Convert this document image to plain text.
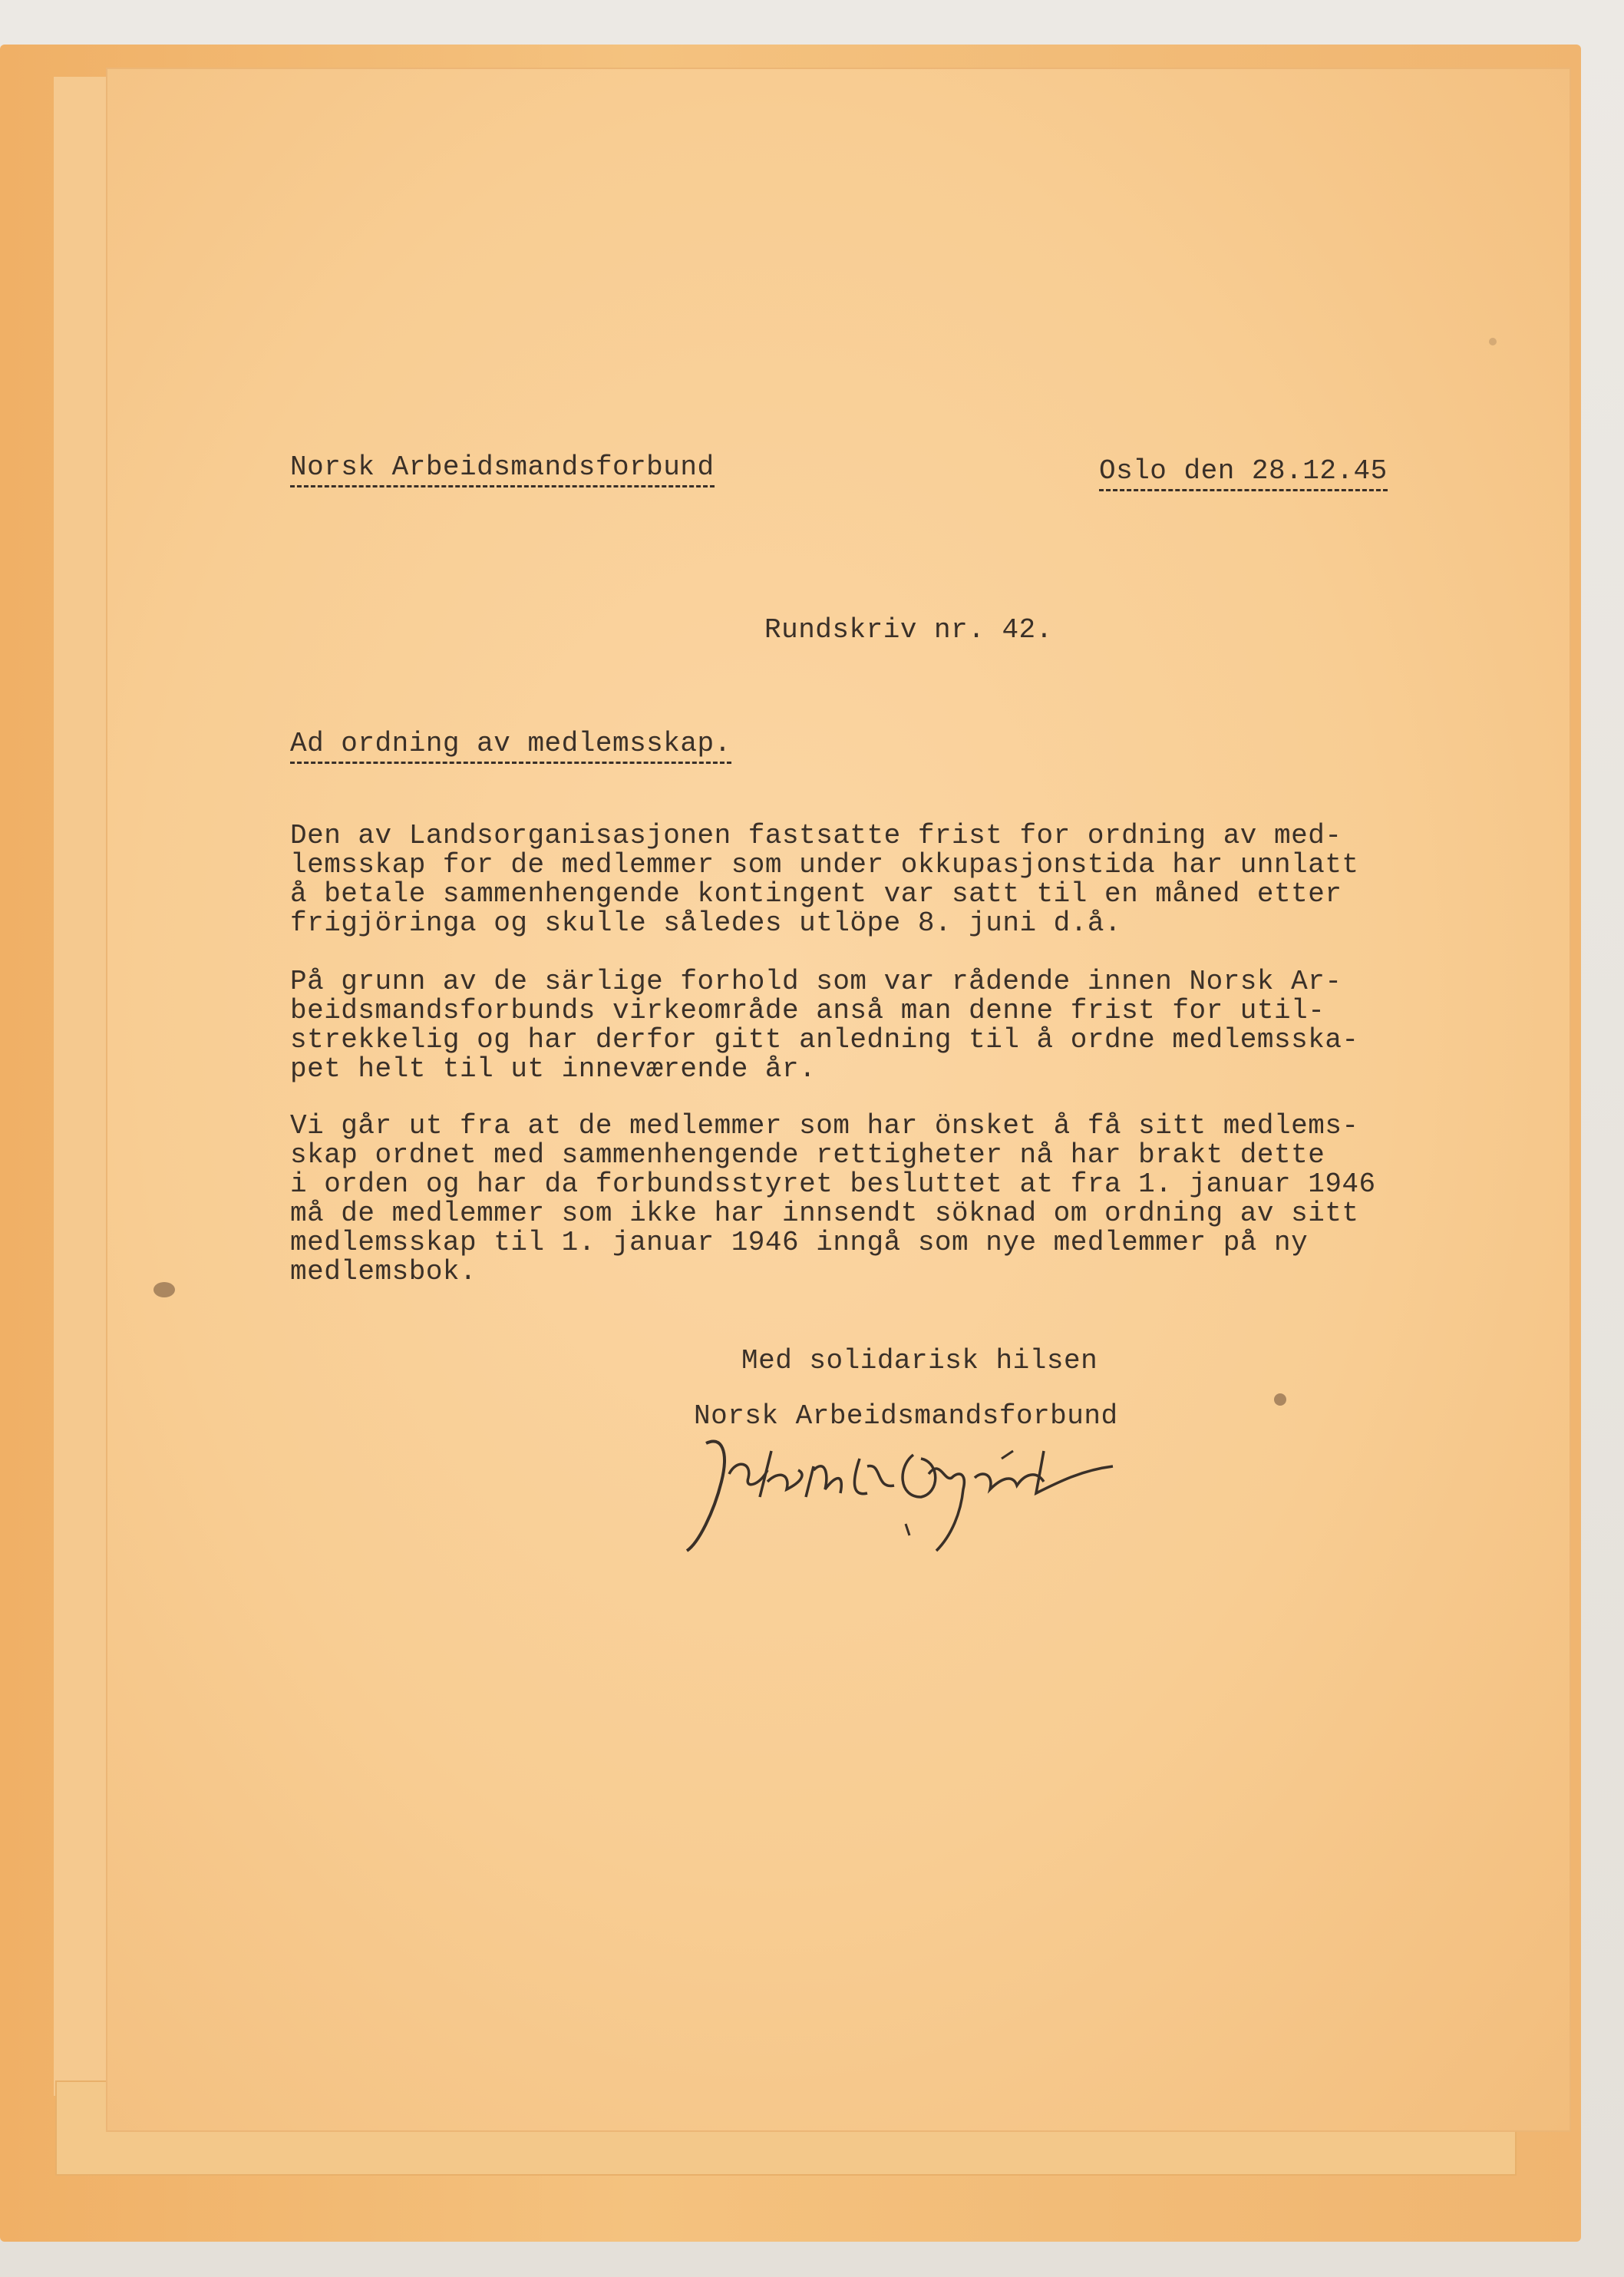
Norsk Arbeidsmandsforbund	Oslo den 28.12.45
Rundskriv nr. 42.
Ad ordning av medlemsskap.
Den av Landsorganisasjonen fastsatte frist for ordning av med-
lemsskap for de medlemmer som under okkupasjonstida har unnlatt
å betale sammenhengende kontingent var satt til en måned etter
frigjöringa og skulle således utlöpe 8. juni d.å.
På grunn av de särlige forhold som var rådende innen Norsk Ar-
beidsmandsforbunds virkeområde anså man denne frist for util-
strekkelig og har derfor gitt anledning til å ordne medlemsska-
pet helt til ut inneværende år.
Vi går ut fra at de medlemmer som har önsket å få sitt medlems-
skap ordnet med sammenhengende rettigheter nå har brakt dette
i orden og har da forbundsstyret besluttet at fra 1. januar 1946
må de medlemmer som ikke har innsendt söknad om ordning av sitt
medlemsskap til 1. januar 1946 inngå som nye medlemmer på ny
medlemsbok.
Med solidarisk hilsen
Norsk Arbeidsmandsforbund
